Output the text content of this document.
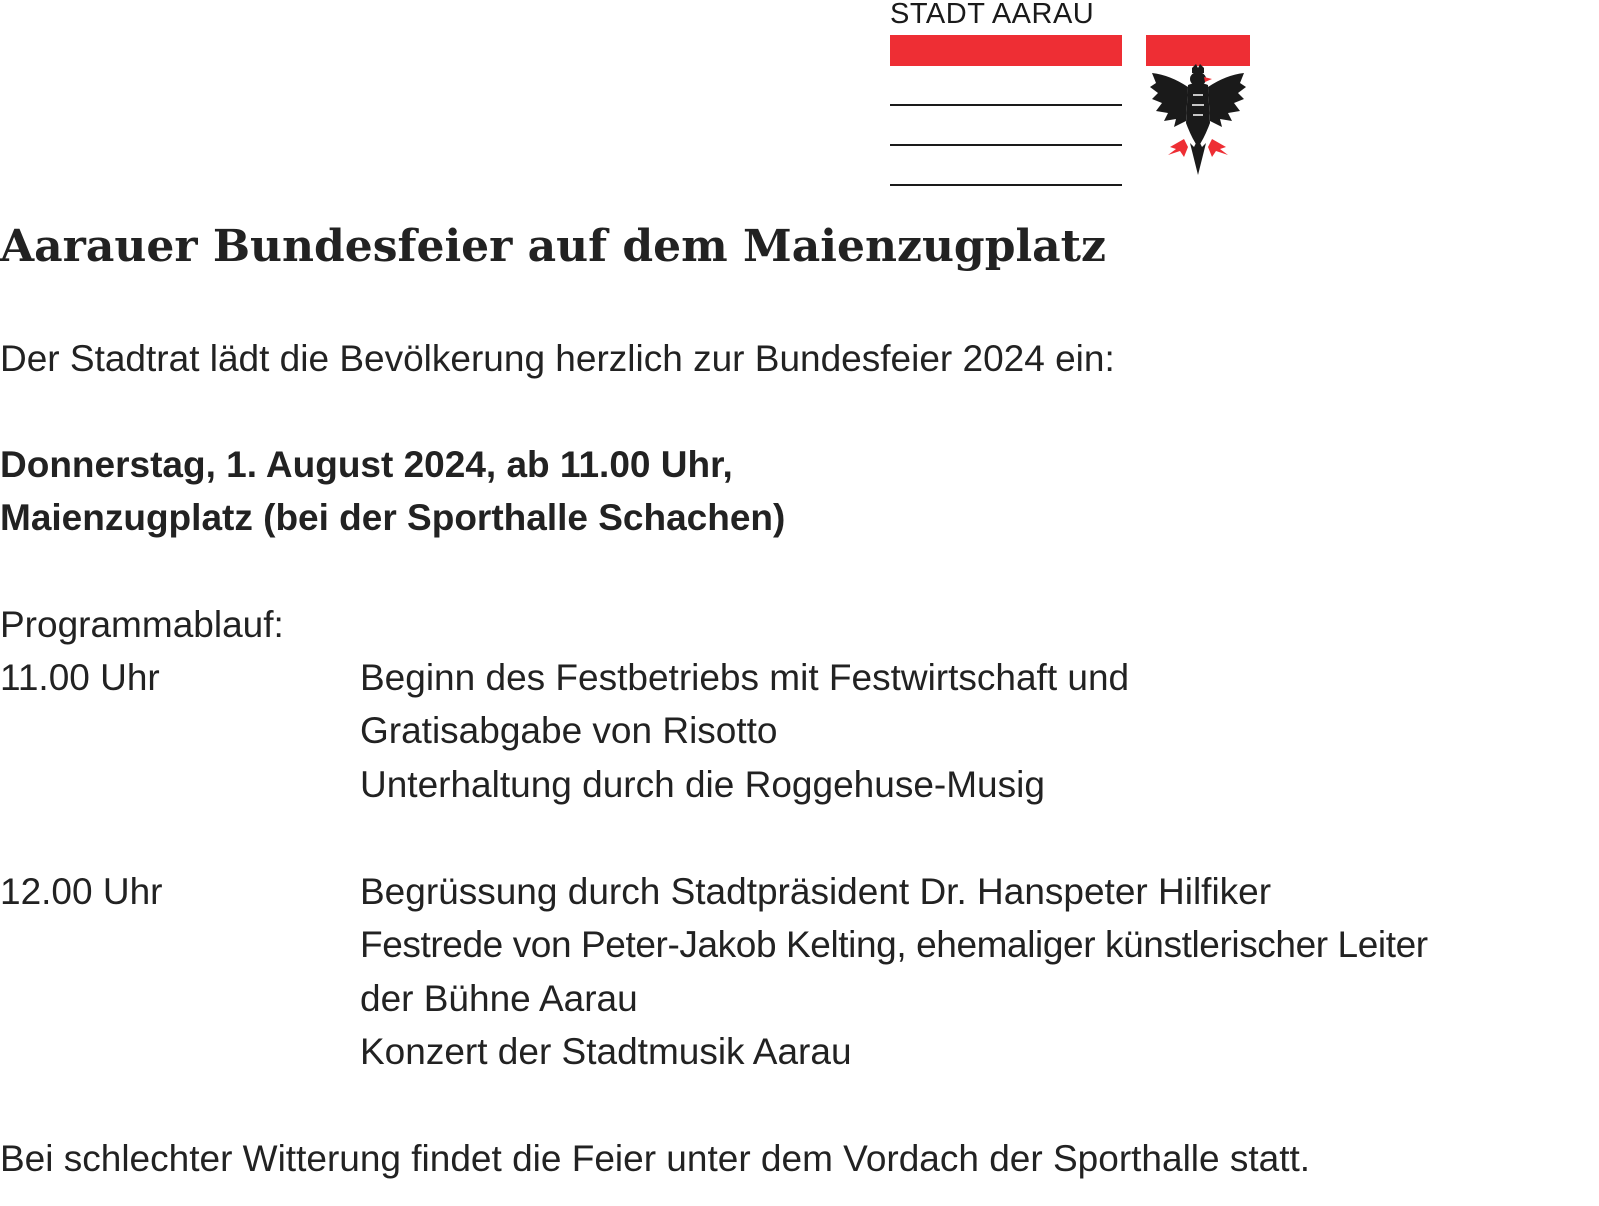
STADT AARAU
Aarauer Bundesfeier auf dem Maienzugplatz

Der Stadtrat lädt die Bevölkerung herzlich zur Bundesfeier 2024 ein:

Donnerstag, 1. August 2024, ab 11.00 Uhr,

Maienzugplatz (bei der Sporthalle Schachen)

Programmablauf:

11.00 Uhr	Beginn des Festbetriebs mit Festwirtschaft und

Gratisabgabe von Risotto

Unterhaltung durch die Roggehuse-Musig

12.00 Uhr	Begrüssung durch Stadtpräsident Dr. Hanspeter Hilfiker

Festrede von Peter-Jakob Kelting, ehemaliger künstlerischer Leiter

der Bühne Aarau

Konzert der Stadtmusik Aarau

Bei schlechter Witterung findet die Feier unter dem Vordach der Sporthalle statt.
